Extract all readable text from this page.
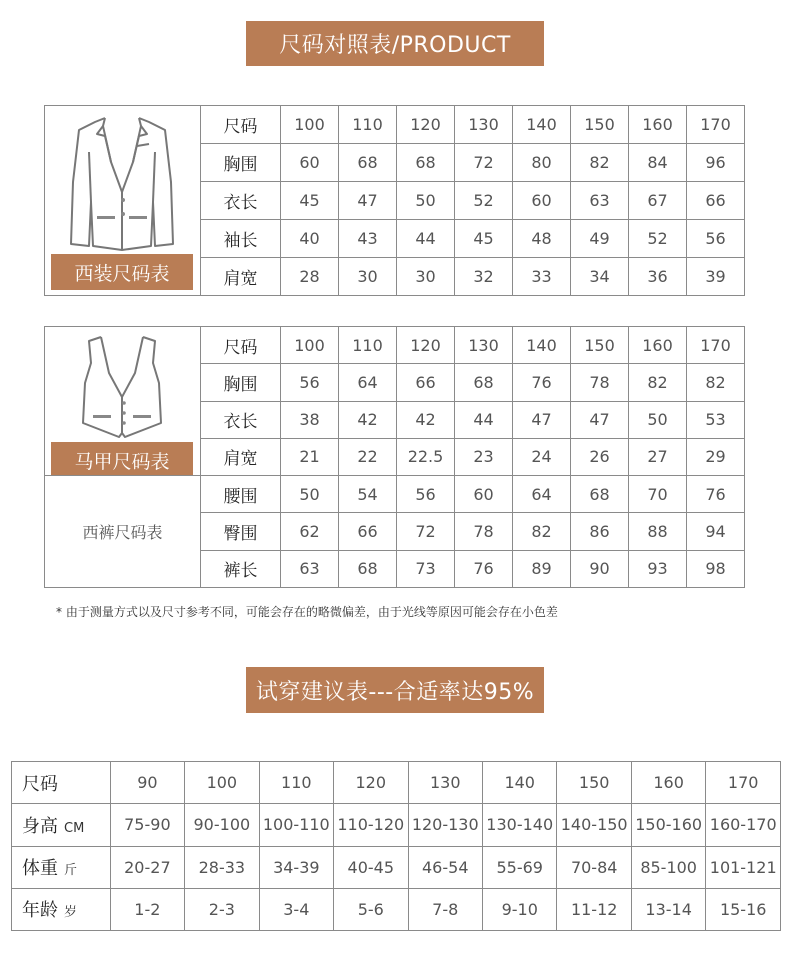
尺码对照表/PRODUCT
西装尺码表	尺码	100	110	120	130	140	150	160	170
	胸围	60	68	68	72	80	82	84	96
	衣长	45	47	50	52	60	63	67	66
	袖长	40	43	44	45	48	49	52	56
	肩宽	28	30	30	32	33	34	36	39
马甲尺码表	尺码	100	110	120	130	140	150	160	170
	胸围	56	64	66	68	76	78	82	82
	衣长	38	42	42	44	47	47	50	53
	肩宽	21	22	22.5	23	24	26	27	29
西裤尺码表	腰围	50	54	56	60	64	68	70	76
	臀围	62	66	72	78	82	86	88	94
	裤长	63	68	73	76	89	90	93	98
* 由于测量方式以及尺寸参考不同，可能会存在的略微偏差，由于光线等原因可能会存在小色差
试穿建议表---合适率达95%
尺码	90	100	110	120	130	140	150	160	170
身高 CM	75-90	90-100	100-110	110-120	120-130	130-140	140-150	150-160	160-170
体重 斤	20-27	28-33	34-39	40-45	46-54	55-69	70-84	85-100	101-121
年龄 岁	1-2	2-3	3-4	5-6	7-8	9-10	11-12	13-14	15-16
